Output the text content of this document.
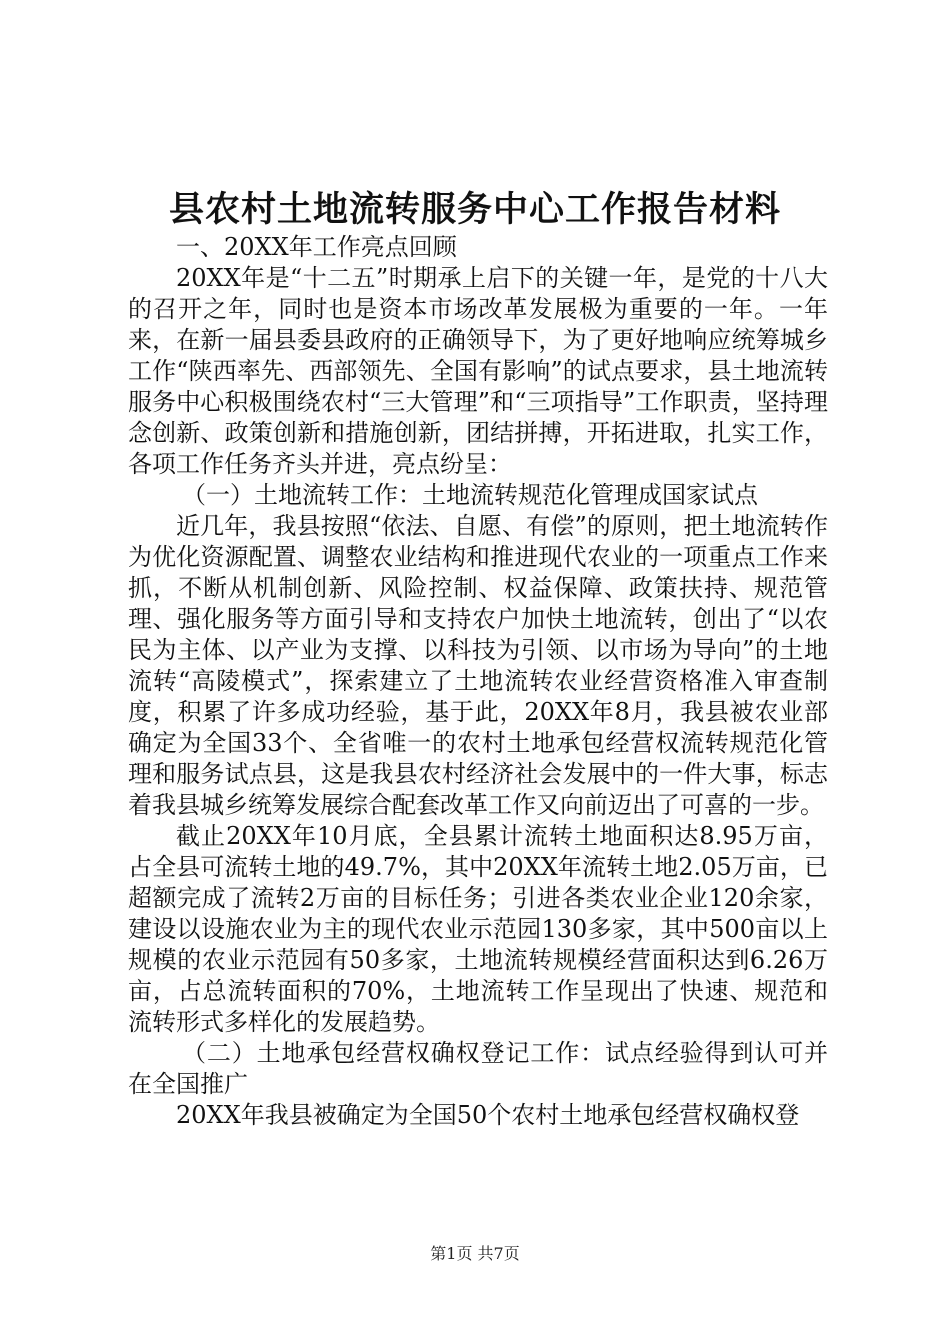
县农村土地流转服务中心工作报告材料

一、20XX年工作亮点回顾

20XX年是“十二五”时期承上启下的关键一年，是党的十八大的召开之年，同时也是资本市场改革发展极为重要的一年。一年来，在新一届县委县政府的正确领导下，为了更好地响应统筹城乡工作“陕西率先、西部领先、全国有影响”的试点要求，县土地流转服务中心积极围绕农村“三大管理”和“三项指导”工作职责，坚持理念创新、政策创新和措施创新，团结拼搏，开拓进取，扎实工作，各项工作任务齐头并进，亮点纷呈：

（一）土地流转工作：土地流转规范化管理成国家试点

近几年，我县按照“依法、自愿、有偿”的原则，把土地流转作为优化资源配置、调整农业结构和推进现代农业的一项重点工作来抓，不断从机制创新、风险控制、权益保障、政策扶持、规范管理、强化服务等方面引导和支持农户加快土地流转，创出了“以农民为主体、以产业为支撑、以科技为引领、以市场为导向”的土地流转“高陵模式”，探索建立了土地流转农业经营资格准入审查制度，积累了许多成功经验，基于此，20XX年8月，我县被农业部确定为全国33个、全省唯一的农村土地承包经营权流转规范化管理和服务试点县，这是我县农村经济社会发展中的一件大事，标志着我县城乡统筹发展综合配套改革工作又向前迈出了可喜的一步。

截止20XX年10月底，全县累计流转土地面积达8.95万亩，占全县可流转土地的49.7%，其中20XX年流转土地2.05万亩，已超额完成了流转2万亩的目标任务；引进各类农业企业120余家，建设以设施农业为主的现代农业示范园130多家，其中500亩以上规模的农业示范园有50多家，土地流转规模经营面积达到6.26万亩，占总流转面积的70%，土地流转工作呈现出了快速、规范和流转形式多样化的发展趋势。

（二）土地承包经营权确权登记工作：试点经验得到认可并在全国推广

20XX年我县被确定为全国50个农村土地承包经营权确权登

第1页 共7页
